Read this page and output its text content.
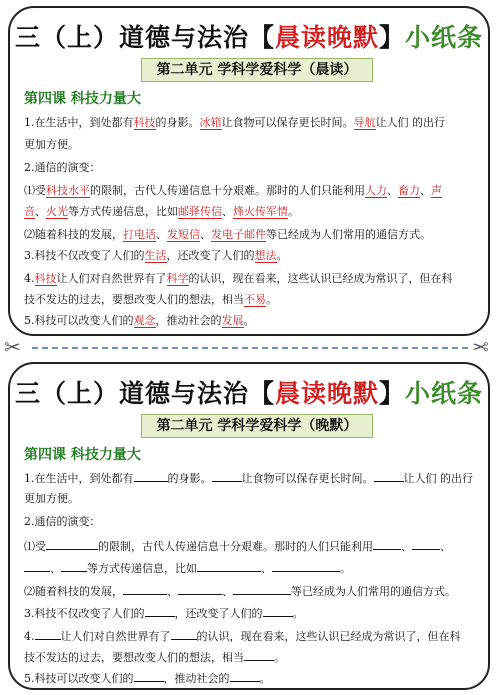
三（上）道德与法治【晨读晚默】小纸条
第二单元 学科学爱科学（晨读）
第四课 科技力量大
1.在生活中，到处都有科技的身影。冰箱让食物可以保存更长时间。导航让人们 的出行
更加方便。
2.通信的演变：
⑴受科技水平的限制，古代人传递信息十分艰难。那时的人们只能利用人力、畜力、声
音、火光等方式传递信息，比如邮驿传信、烽火传军情。
⑵随着科技的发展，打电话、发短信、发电子邮件等已经成为人们常用的通信方式。
3.科技不仅改变了人们的生活，还改变了人们的想法。
4.科技让人们对自然世界有了科学的认识，现在看来，这些认识已经成为常识了，但在科
技不发达的过去，要想改变人们的想法，相当不易。
5.科技可以改变人们的观念，推动社会的发展。
✂	✂
三（上）道德与法治【晨读晚默】小纸条
第二单元 学科学爱科学（晚默）
第四课 科技力量大
1.在生活中，到处都有	的身影。	让食物可以保存更长时间。	让人们 的出行
更加方便。
2.通信的演变：
⑴受	的限制，古代人传递信息十分艰难。那时的人们只能利用	、	、
、 等方式传递信息，比如	、	。
⑵随着科技的发展，	、	、	等已经成为人们常用的通信方式。
3.科技不仅改变了人们的	，还改变了人们的	。
4. 让人们对自然世界有了 的认识，现在看来，这些认识已经成为常识了，但在科
技不发达的过去，要想改变人们的想法，相当	。
5.科技可以改变人们的	，推动社会的	。
